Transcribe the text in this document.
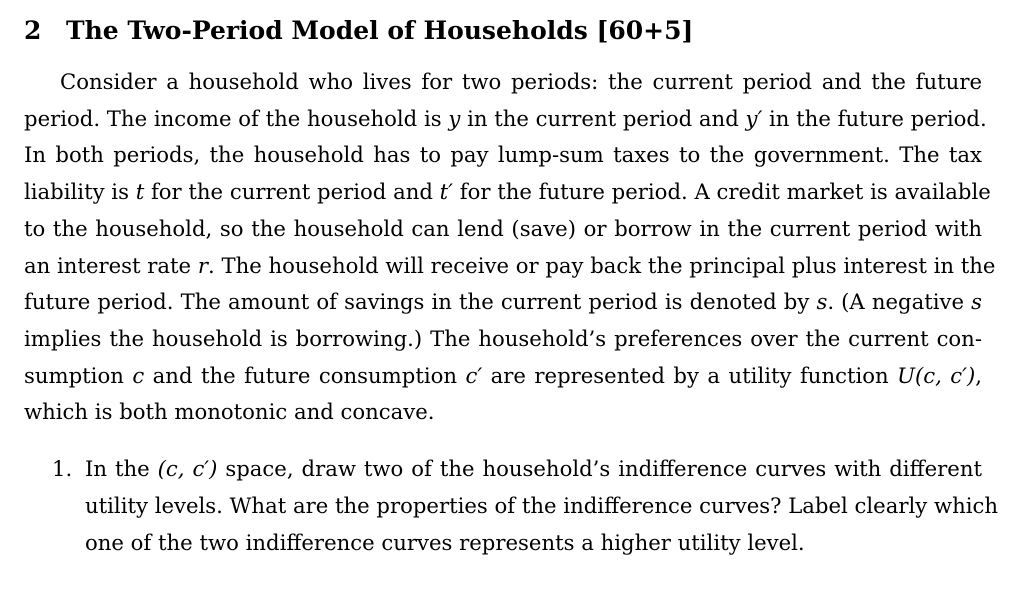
2 The Two-Period Model of Households [60+5]
Consider a household who lives for two periods: the current period and the future
period. The income of the household is y in the current period and y′ in the future period.
In both periods, the household has to pay lump-sum taxes to the government. The tax
liability is t for the current period and t′ for the future period. A credit market is available
to the household, so the household can lend (save) or borrow in the current period with
an interest rate r. The household will receive or pay back the principal plus interest in the
future period. The amount of savings in the current period is denoted by s. (A negative s
implies the household is borrowing.) The household’s preferences over the current con-
sumption c and the future consumption c′ are represented by a utility function U(c, c′),
which is both monotonic and concave.
1. In the (c, c′) space, draw two of the household’s indifference curves with different
utility levels. What are the properties of the indifference curves? Label clearly which
one of the two indifference curves represents a higher utility level.
